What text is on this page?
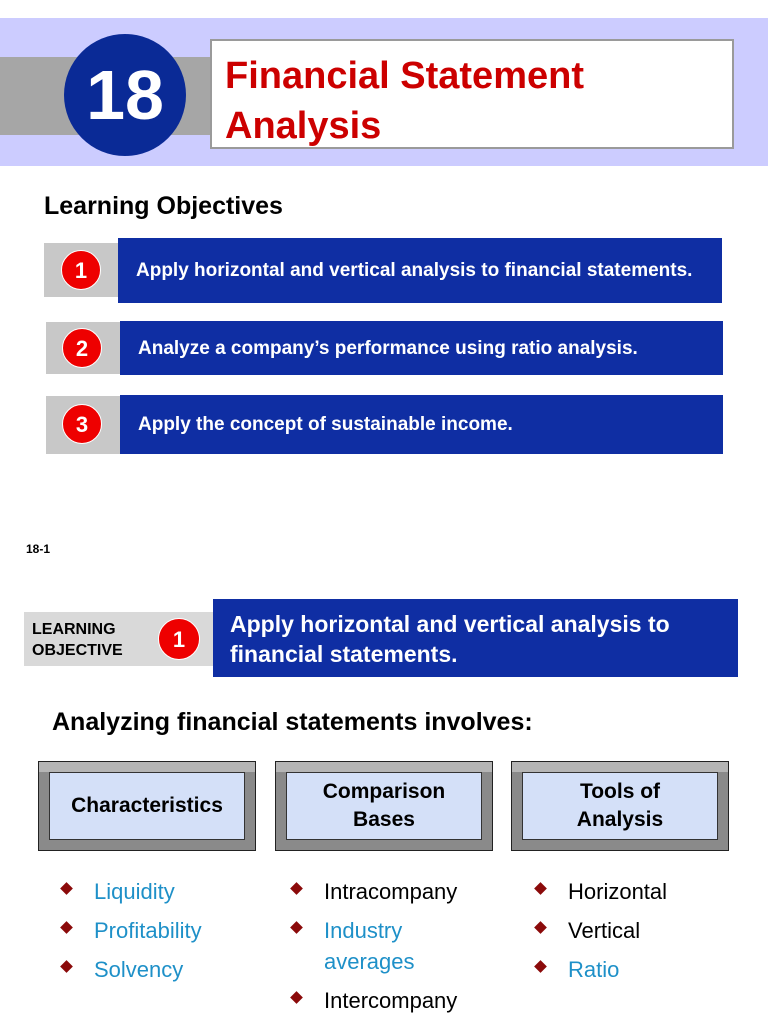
18	Financial Statement
Analysis
Learning Objectives
1	Apply horizontal and vertical analysis to financial statements.
2	Analyze a company’s performance using ratio analysis.
3	Apply the concept of sustainable income.
18-1
LEARNING
OBJECTIVE	1
Apply horizontal and vertical analysis to
financial statements.
Analyzing financial statements involves:
Characteristics
Comparison
Bases
Tools of
Analysis
Liquidity
Profitability
Solvency
Intracompany
Industry averages
Intercompany
Horizontal
Vertical
Ratio
